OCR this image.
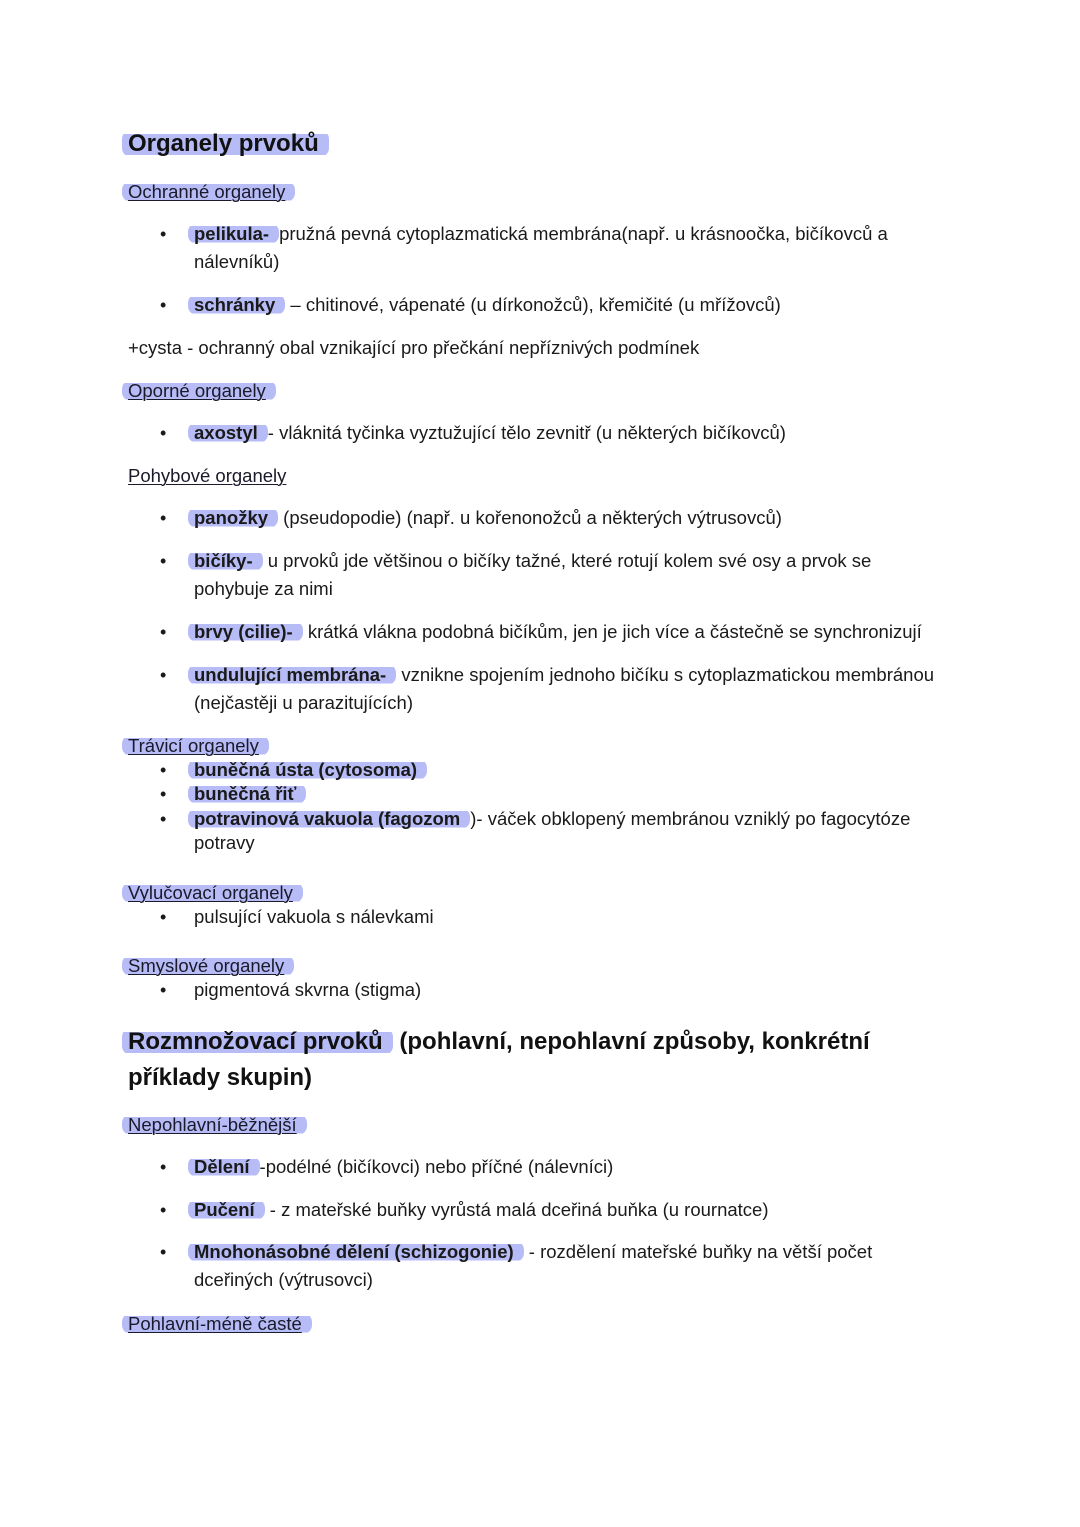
Organely prvoků
Ochranné organely
• pelikula- pružná pevná cytoplazmatická membrána(např. u krásnoočka, bičíkovců a nálevníků)
• schránky – chitinové, vápenaté (u dírkonožců), křemičité (u mřížovců)
+cysta - ochranný obal vznikající pro přečkání nepříznivých podmínek
Oporné organely
• axostyl - vláknitá tyčinka vyztužující tělo zevnitř (u některých bičíkovců)
Pohybové organely
• panožky (pseudopodie) (např. u kořenonožců a některých výtrusovců)
• bičíky- u prvoků jde většinou o bičíky tažné, které rotují kolem své osy a prvok se pohybuje za nimi
• brvy (cilie)- krátká vlákna podobná bičíkům, jen je jich více a částečně se synchronizují
• undulující membrána- vznikne spojením jednoho bičíku s cytoplazmatickou membránou (nejčastěji u parazitujících)
Trávicí organely
• buněčná ústa (cytosoma)
• buněčná řiť
• potravinová vakuola (fagozom )- váček obklopený membránou vzniklý po fagocytóze potravy
Vylučovací organely
• pulsující vakuola s nálevkami
Smyslové organely
• pigmentová skvrna (stigma)
Rozmnožovací prvoků (pohlavní, nepohlavní způsoby, konkrétní příklady skupin)
Nepohlavní-běžnější
• Dělení -podélné (bičíkovci) nebo příčné (nálevníci)
• Pučení - z mateřské buňky vyrůstá malá dceřiná buňka (u rournatce)
• Mnohonásobné dělení (schizogonie) - rozdělení mateřské buňky na větší počet dceřiných (výtrusovci)
Pohlavní-méně časté
